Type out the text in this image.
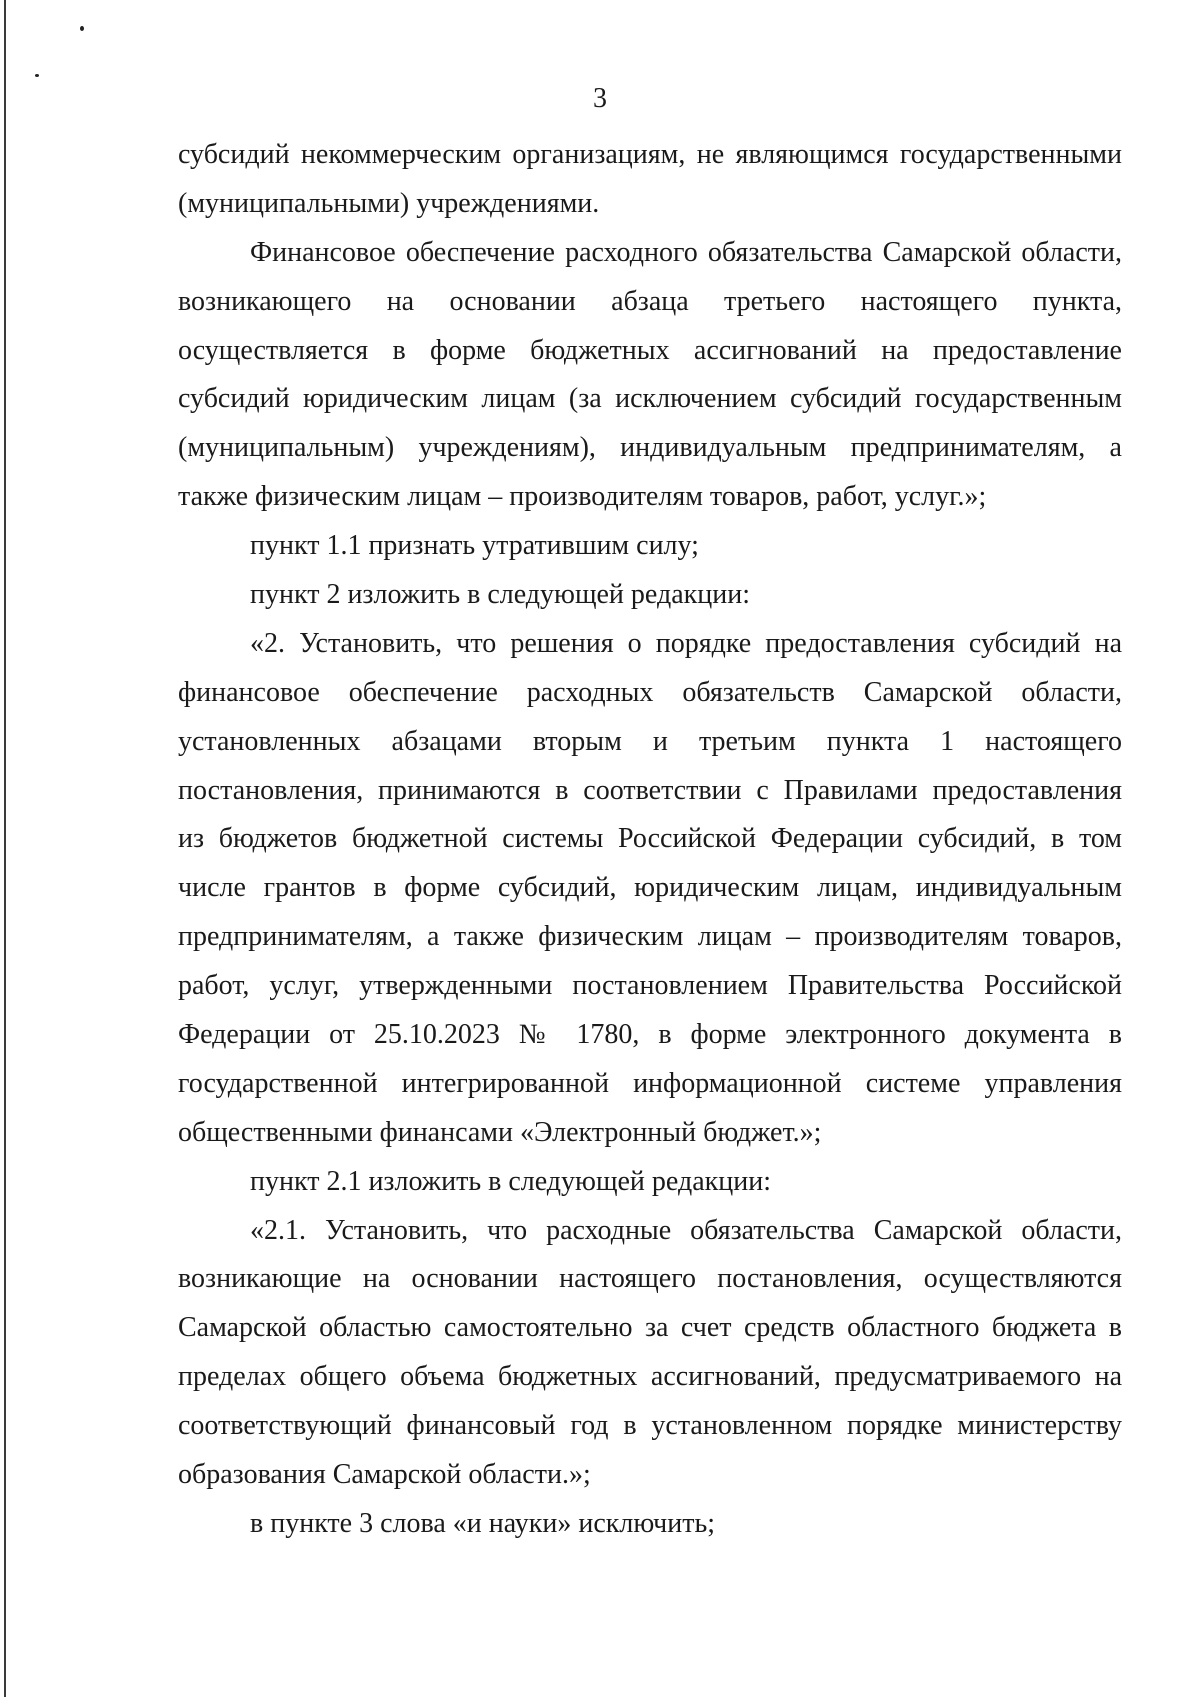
3
субсидий некоммерческим организациям, не являющимся государственными
(муниципальными) учреждениями.
Финансовое обеспечение расходного обязательства Самарской области,
возникающего на основании абзаца третьего настоящего пункта,
осуществляется в форме бюджетных ассигнований на предоставление
субсидий юридическим лицам (за исключением субсидий государственным
(муниципальным) учреждениям), индивидуальным предпринимателям, а
также физическим лицам – производителям товаров, работ, услуг.»;
пункт 1.1 признать утратившим силу;
пункт 2 изложить в следующей редакции:
«2. Установить, что решения о порядке предоставления субсидий на
финансовое обеспечение расходных обязательств Самарской области,
установленных абзацами вторым и третьим пункта 1 настоящего
постановления, принимаются в соответствии с Правилами предоставления
из бюджетов бюджетной системы Российской Федерации субсидий, в том
числе грантов в форме субсидий, юридическим лицам, индивидуальным
предпринимателям, а также физическим лицам – производителям товаров,
работ, услуг, утвержденными постановлением Правительства Российской
Федерации от 25.10.2023 № 1780, в форме электронного документа в
государственной интегрированной информационной системе управления
общественными финансами «Электронный бюджет.»;
пункт 2.1 изложить в следующей редакции:
«2.1. Установить, что расходные обязательства Самарской области,
возникающие на основании настоящего постановления, осуществляются
Самарской областью самостоятельно за счет средств областного бюджета в
пределах общего объема бюджетных ассигнований, предусматриваемого на
соответствующий финансовый год в установленном порядке министерству
образования Самарской области.»;
в пункте 3 слова «и науки» исключить;
